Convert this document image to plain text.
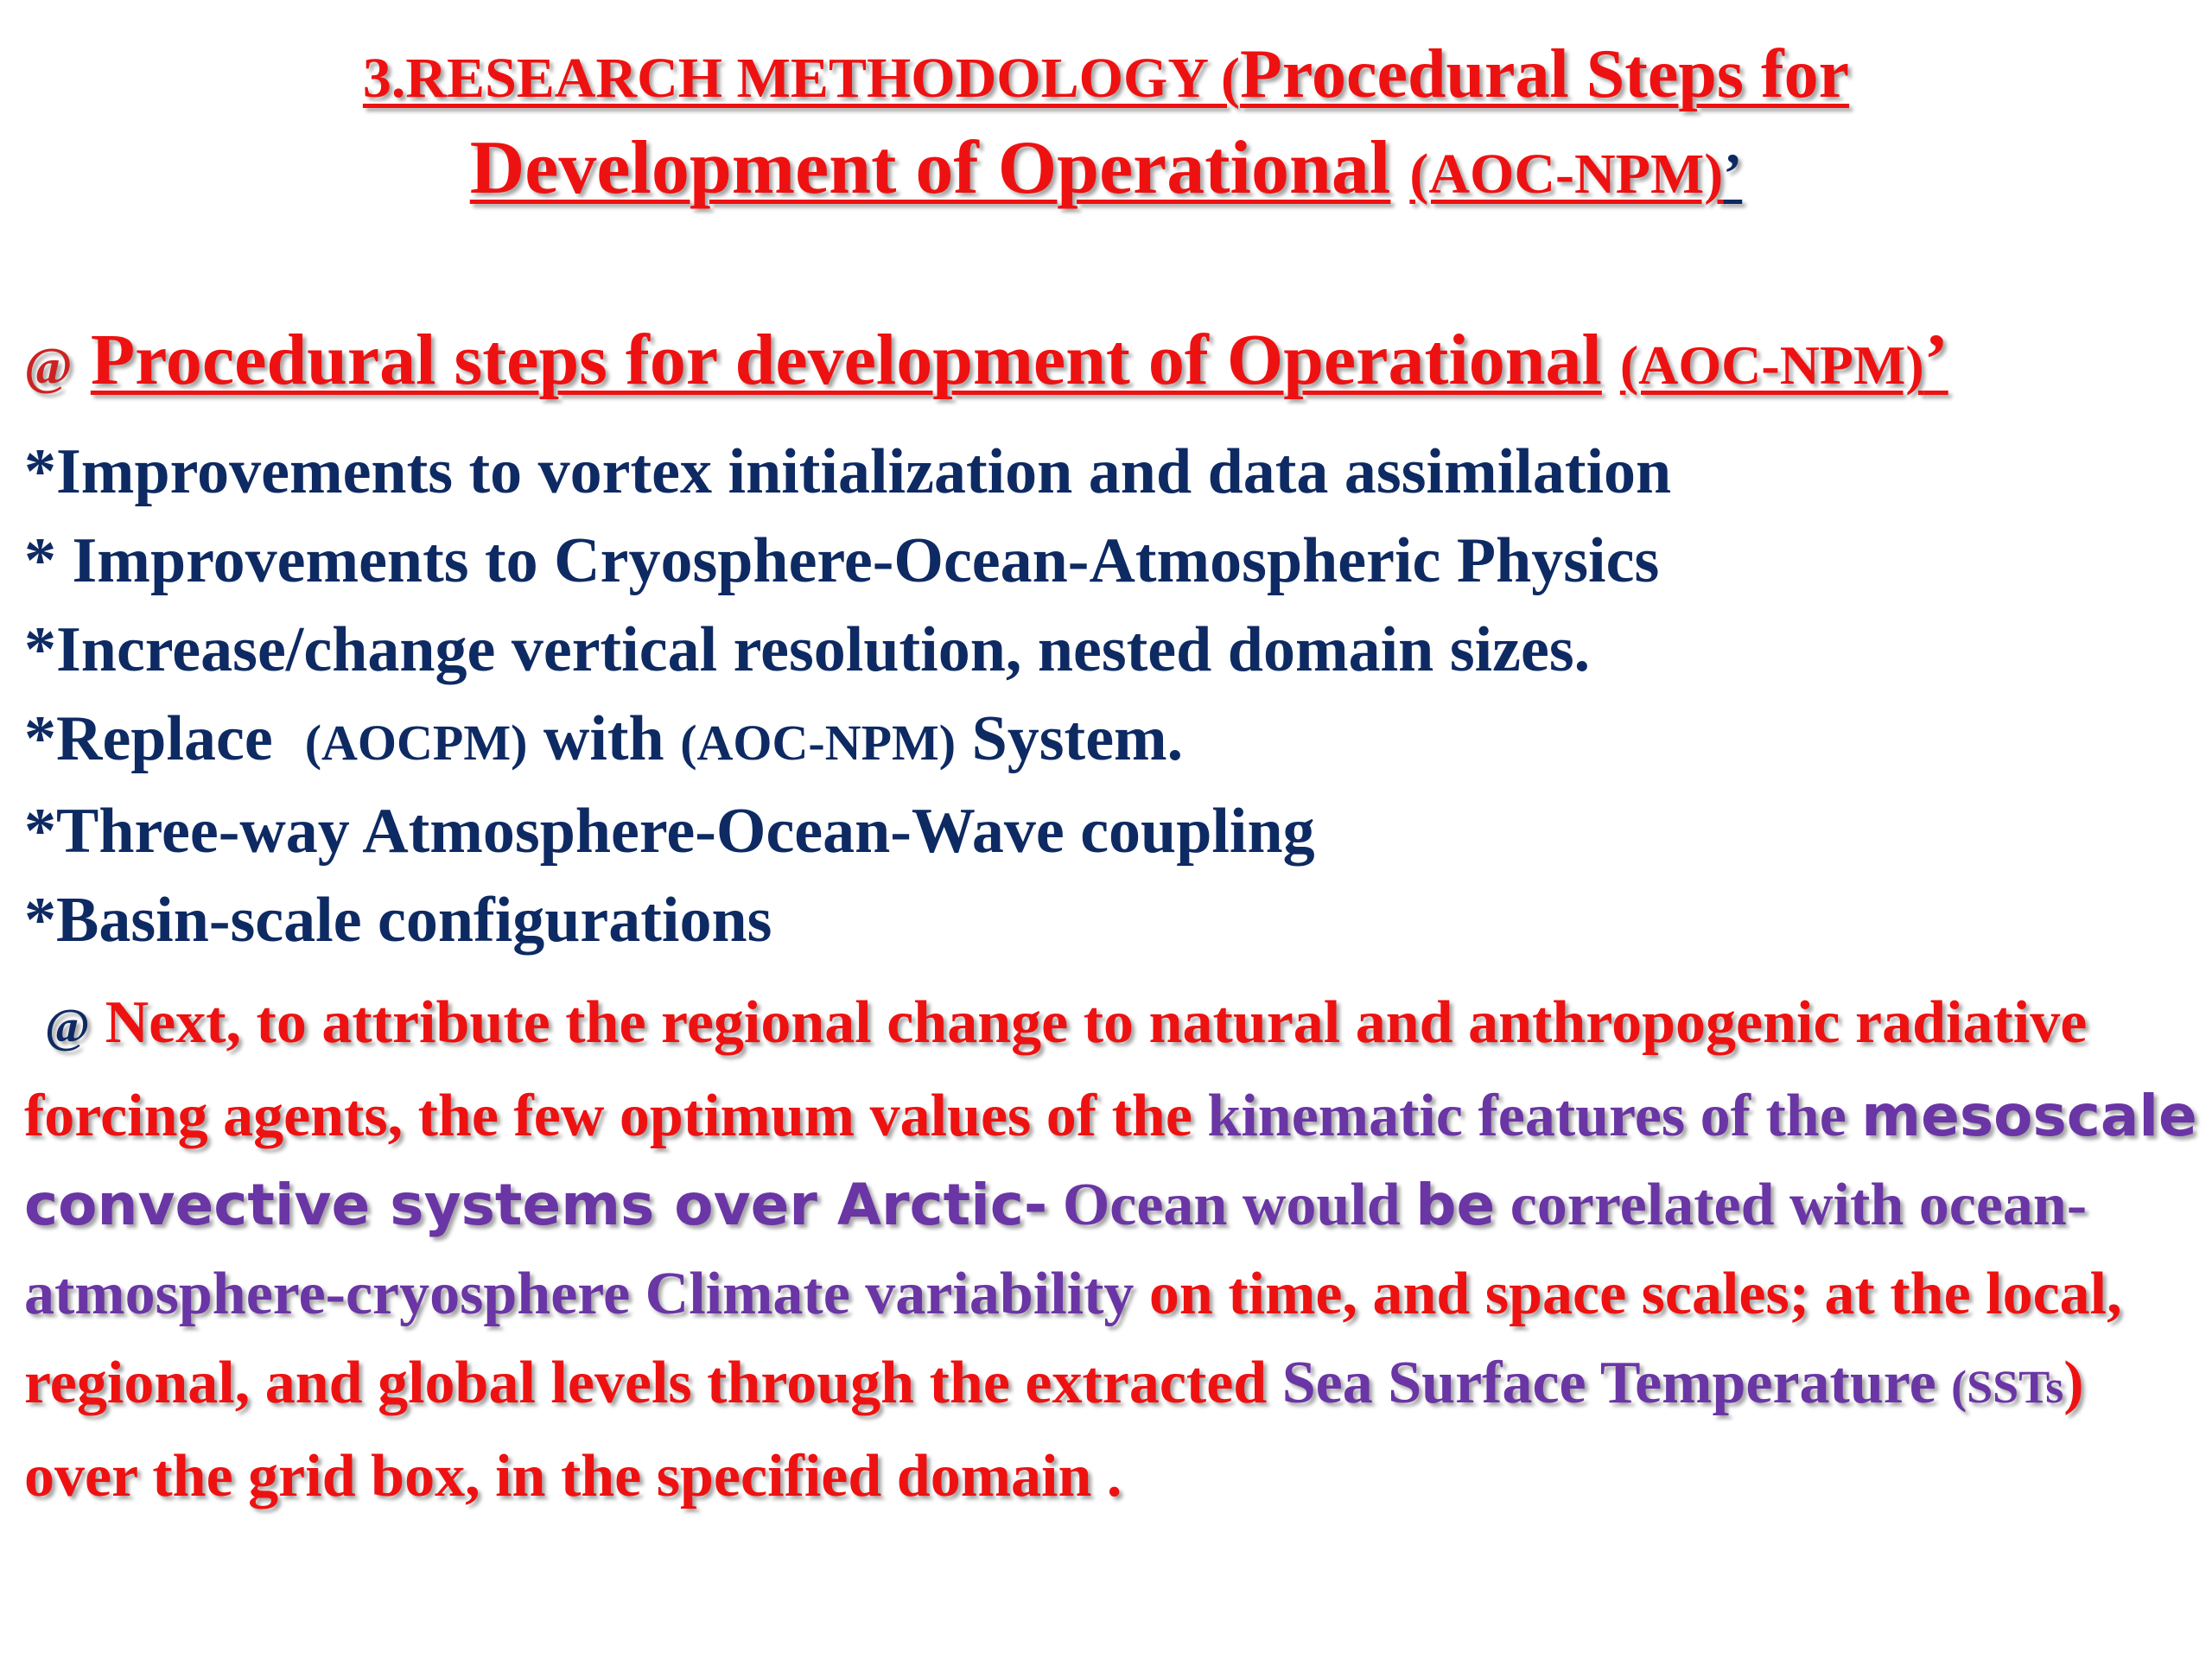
3.RESEARCH METHODOLOGY (Procedural Steps for
Development of Operational (AOC-NPM)’
@ Procedural steps for development of Operational (AOC-NPM)’
*Improvements to vortex initialization and data assimilation
* Improvements to Cryosphere-Ocean-Atmospheric Physics
*Increase/change vertical resolution, nested domain sizes.
*Replace (AOCPM) with (AOC-NPM) System.
*Three-way Atmosphere-Ocean-Wave coupling
*Basin-scale configurations
@ Next, to attribute the regional change to natural and anthropogenic radiative forcing agents, the few optimum values of the kinematic features of the mesoscale convective systems over Arctic- Ocean would be correlated with ocean-atmosphere-cryosphere Climate variability on time, and space scales; at the local, regional, and global levels through the extracted Sea Surface Temperature (SSTs) over the grid box, in the specified domain .
